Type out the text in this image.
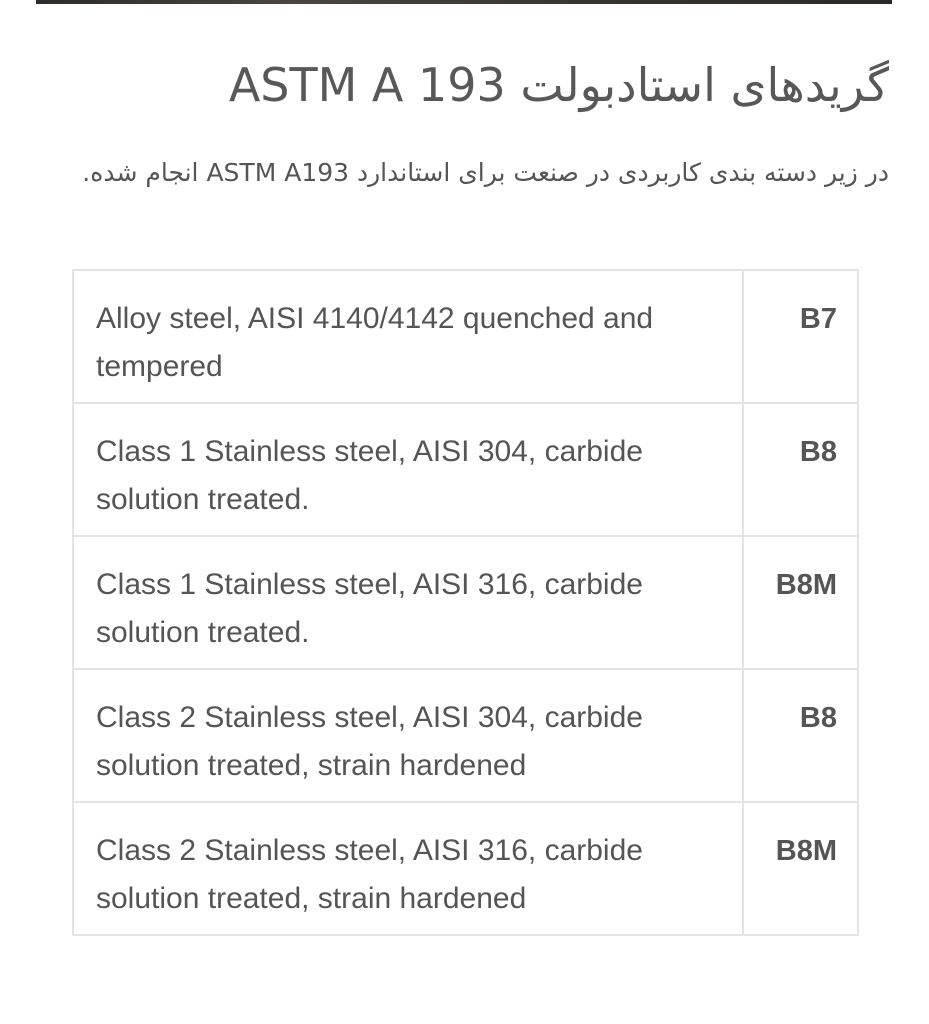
گریدهای استادبولت ASTM A 193

در زیر دسته بندی کاربردی در صنعت برای استاندارد ASTM A193 انجام شده.

Alloy steel, AISI 4140/4142 quenched and tempered	B7
Class 1 Stainless steel, AISI 304, carbide solution treated.	B8
Class 1 Stainless steel, AISI 316, carbide solution treated.	B8M
Class 2 Stainless steel, AISI 304, carbide solution treated, strain hardened	B8
Class 2 Stainless steel, AISI 316, carbide solution treated, strain hardened	B8M
